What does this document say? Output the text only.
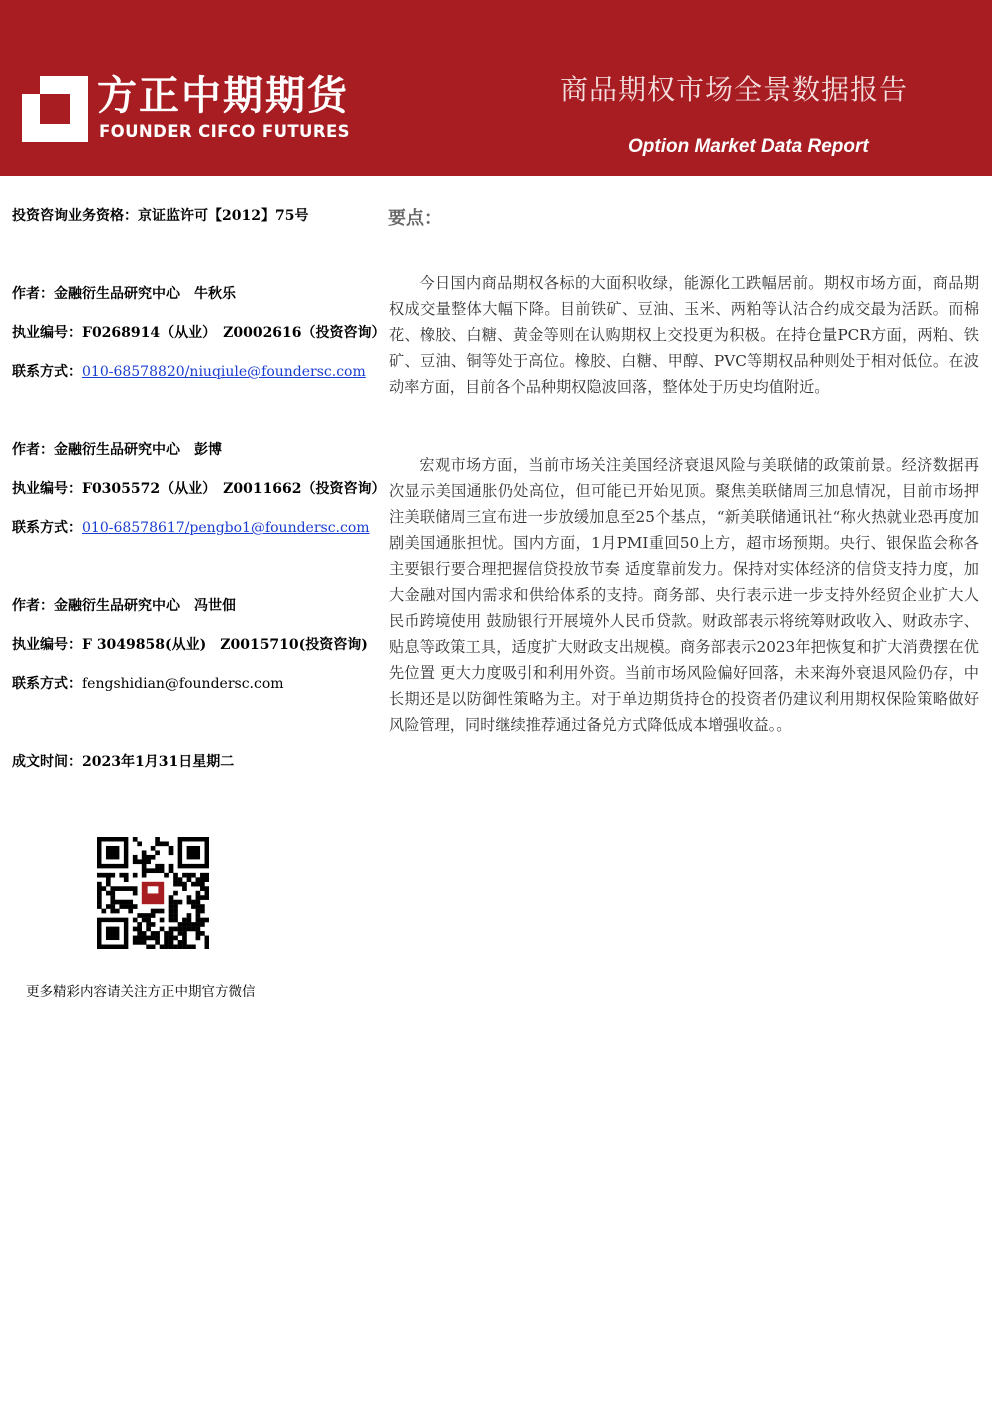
方正中期期货
FOUNDER CIFCO FUTURES
商品期权市场全景数据报告
Option Market Data Report
投资咨询业务资格：京证监许可【2012】75号
作者：金融衍生品研究中心　牛秋乐
执业编号：F0268914（从业）　Z0002616（投资咨询）
联系方式：010-68578820/niuqiule@foundersc.com
作者：金融衍生品研究中心　彭博
执业编号：F0305572（从业）　Z0011662（投资咨询）
联系方式：010-68578617/pengbo1@foundersc.com
作者：金融衍生品研究中心　冯世佃
执业编号：F 3049858(从业)　Z0015710(投资咨询)
联系方式：fengshidian@foundersc.com
成文时间：2023年1月31日星期二
更多精彩内容请关注方正中期官方微信
要点：

今日国内商品期权各标的大面积收绿，能源化工跌幅居前。期权市场方面，商品期权成交量整体大幅下降。目前铁矿、豆油、玉米、两粕等认沽合约成交最为活跃。而棉花、橡胶、白糖、黄金等则在认购期权上交投更为积极。在持仓量PCR方面，两粕、铁矿、豆油、铜等处于高位。橡胶、白糖、甲醇、PVC等期权品种则处于相对低位。在波动率方面，目前各个品种期权隐波回落，整体处于历史均值附近。

宏观市场方面，当前市场关注美国经济衰退风险与美联储的政策前景。经济数据再次显示美国通胀仍处高位，但可能已开始见顶。聚焦美联储周三加息情况，目前市场押注美联储周三宣布进一步放缓加息至25个基点，“新美联储通讯社“称火热就业恐再度加剧美国通胀担忧。国内方面，1月PMI重回50上方，超市场预期。央行、银保监会称各主要银行要合理把握信贷投放节奏 适度靠前发力。保持对实体经济的信贷支持力度，加大金融对国内需求和供给体系的支持。商务部、央行表示进一步支持外经贸企业扩大人民币跨境使用 鼓励银行开展境外人民币贷款。财政部表示将统筹财政收入、财政赤字、贴息等政策工具，适度扩大财政支出规模。商务部表示2023年把恢复和扩大消费摆在优先位置 更大力度吸引和利用外资。当前市场风险偏好回落，未来海外衰退风险仍存，中长期还是以防御性策略为主。对于单边期货持仓的投资者仍建议利用期权保险策略做好风险管理，同时继续推荐通过备兑方式降低成本增强收益。。
